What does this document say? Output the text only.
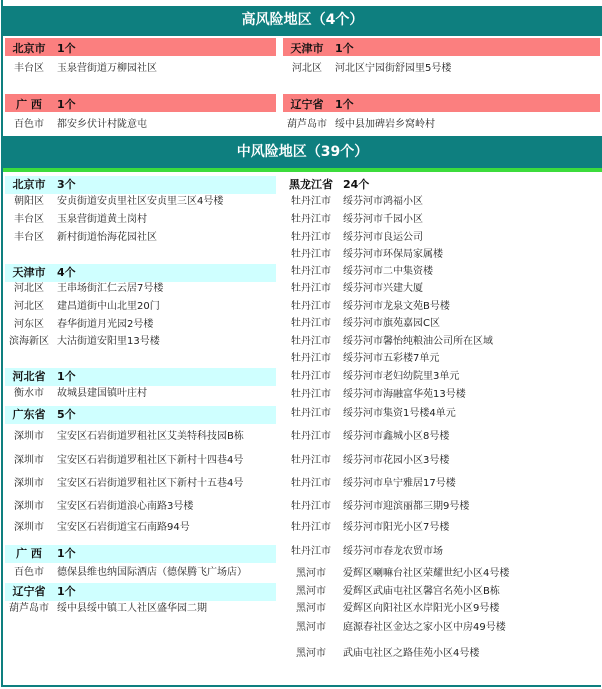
高风险地区（4个）
北京市	1个
丰台区	玉泉营街道万柳园社区
天津市	1个
河北区	河北区宁园街舒园里5号楼
广 西	1个
百色市	都安乡伏计村陇意屯
辽宁省	1个
葫芦岛市 绥中县加碑岩乡窝岭村
中风险地区（39个）
北京市	3个
朝阳区	安贞街道安贞里社区安贞里三区4号楼
丰台区	玉泉营街道黄土岗村
丰台区	新村街道怡海花园社区
天津市	4个
河北区	王串场街汇仁云居7号楼
河北区	建昌道街中山北里20门
河东区	春华街道月光园2号楼
滨海新区 大沽街道安阳里13号楼
河北省	1个
衡水市	故城县建国镇叶庄村
广东省	5个
深圳市	宝安区石岩街道罗租社区艾美特科技园B栋
深圳市	宝安区石岩街道罗租社区下新村十四巷4号
深圳市	宝安区石岩街道罗租社区下新村十五巷4号
深圳市	宝安区石岩街道浪心南路3号楼
深圳市	宝安区石岩街道宝石南路94号
广 西	1个
百色市	德保县维也纳国际酒店（德保腾飞广场店）
辽宁省	1个
葫芦岛市 绥中县绥中镇工人社区盛华园二期
黑龙江省 24个
牡丹江市	绥芬河市鸿福小区
牡丹江市	绥芬河市千园小区
牡丹江市	绥芬河市良运公司
牡丹江市	绥芬河市环保局家属楼
牡丹江市	绥芬河市二中集资楼
牡丹江市	绥芬河市兴建大厦
牡丹江市	绥芬河市龙泉文苑B号楼
牡丹江市	绥芬河市旗苑嘉园C区
牡丹江市	绥芬河市馨怡纯粮油公司所在区域
牡丹江市	绥芬河市五彩楼7单元
牡丹江市	绥芬河市老妇幼院里3单元
牡丹江市	绥芬河市海融富华苑13号楼
牡丹江市	绥芬河市集资1号楼4单元
牡丹江市	绥芬河市鑫城小区8号楼
牡丹江市	绥芬河市花园小区3号楼
牡丹江市	绥芬河市阜宁雅居17号楼
牡丹江市	绥芬河市迎滨丽都三期9号楼
牡丹江市	绥芬河市阳光小区7号楼
牡丹江市	绥芬河市春龙农贸市场
黑河市	爱辉区喇嘛台社区荣耀世纪小区4号楼
黑河市	爱辉区武庙屯社区馨宫名苑小区B栋
黑河市	爱辉区向阳社区水岸阳光小区9号楼
黑河市	庭源春社区金达之家小区中房49号楼
黑河市	武庙屯社区之路佳苑小区4号楼
